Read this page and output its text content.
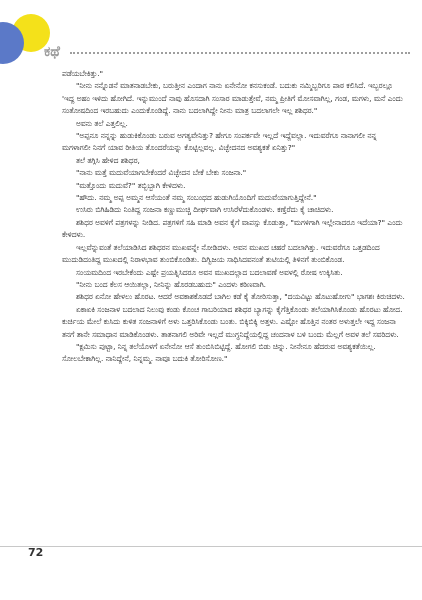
ಕಥೆ

ಪಡೆಯಬೇಕಿತ್ತು."

"ನೀನು ನನ್ನೊಡನೆ ಮಾತನಾಡಬೇಕು, ಬರುತ್ತೀನ ಎಂದಾಗ ನಾನು ಏನೇನೋ ಕನಸುಕಂಡೆ. ಬದುಕು ನಮ್ಮಿಬ್ಬರಿಗೂ ಪಾಠ ಕಲಿಸಿದೆ. ಇಬ್ಬರಲ್ಲೂ 'ಇದ್ದ ಅಹಂ ಇಳಿದು ಹೋಗಿದೆ. ಇನ್ನುಮುಂದೆ ನಾವು ಹೊಸದಾಗಿ ಸಂಸಾರ ಮಾಡುತ್ತೇವೆ, ನಮ್ಮ ಪ್ರೀತಿಗೆ ಮೋಸವಾಗಿಲ್ಲ, ಗಂಡ, ಮಗಳು, ಮನೆ ಎಂದು ಸಂತೋಷದಿಂದ ಇರಬಹುದು ಎಂದುಕೊಂಡಿದ್ದೆ. ನಾನು ಬದಲಾಗಿದ್ದೇ ನೀನು ಮಾತ್ರ ಬದಲಾಗಲೇ ಇಲ್ಲ ಶಶಿಧರ."

ಅವನು ತಲೆ ಎತ್ತಲಿಲ್ಲ.

"ಅಪ್ಪನೂ ನನ್ನನ್ನು ಹುಡುಕಿಕೊಂಡು ಬರುವ ಅಗತ್ಯವೇನಿತ್ತು? ಹೇಗೂ ಸಂಪರ್ಕವೇ ಇಲ್ಲದೆ ಇದ್ದೆವಲ್ಲಾ. ಇದುವರೆಗೂ ನಾನಾಗಲೀ ನನ್ನ ಮಗಳಾಗಲೀ ನಿನಗೆ ಯಾವ ರೀತಿಯ ತೊಂದರೆಯನ್ನು ಕೊಟ್ಟಿಲ್ಲವಲ್ಲ. ವಿಚ್ಛೇದನದ ಅವಶ್ಯಕತೆ ಏನಿತ್ತು?"

ತಲೆ ತಗ್ಗಿಸಿ ಹೇಳಿದ ಶಶಿಧರ,

"ನಾನು ಮತ್ತೆ ಮದುವೆಯಾಗಬೇಕೆಂದರೆ ವಿಚ್ಛೇದನ ಬೇಕೆ ಬೇಕು ಸಂಜನಾ."

"ಮತ್ತೊಂದು ಮದುವೆ?" ತಬ್ಬಿಬ್ಬಾಗಿ ಕೇಳಿದಳು.

"ಹೌದು. ನಮ್ಮ ಅಪ್ಪ ಅಮ್ಮನ ಆಸೆಯಂತೆ ನಮ್ಮ ಸಂಬಂಧದ ಹುಡುಗಿಯೊಂದಿಗೆ ಮದುವೆಯಾಗುತ್ತಿದ್ದೇನೆ."

ಉಸಿರು ಬಿಗಿಹಿಡಿದು ನಿಂತಿದ್ದ ಸಂಜನಾ ಕಣ್ಣುಮುಚ್ಚಿ ದೀರ್ಘವಾಗಿ ಉಸಿರೆಳೆದುಕೊಂಡಳು. ಕಣ್ತೆರೆದು ಕೈ ಚಾಚಿದಳು.

ಶಶಿಧರ ಅವಳಿಗೆ ಪತ್ರಗಳನ್ನು ನೀಡಿದ. ಪತ್ರಗಳಿಗೆ ಸಹಿ ಮಾಡಿ ಅವನ ಕೈಗೆ ವಾಪಸ್ಸು ಕೊಡುತ್ತಾ, "ಮಗಳಿಗಾಗಿ ಇಲ್ಲೇನಾದರೂ ಇದೆಯಾ?" ಎಂದು ಕೇಳಿದಳು.

ಇಲ್ಲವೆನ್ನುವಂತೆ ತಲೆಯಾಡಿಸಿದ ಶಶಿಧರನ ಮುಖವನ್ನೇ ನೋಡಿದಳು. ಅವನ ಮುಖದ ಚಹರೆ ಬದಲಾಗಿತ್ತು. ಇದುವರೆಗೂ ಒತ್ತಡದಿಂದ ಮುದುಡಿದಂತಿದ್ದ ಮುಖದಲ್ಲಿ ನಿರಾಳಭಾವ ತುಂಬಿಕೊಂಡಿತು. ದಿಗ್ವಿಜಯ ಸಾಧಿಸಿದವನಂತೆ ತುಟಿಯಲ್ಲಿ ತಿಳಿನಗೆ ತುಂಬಿಕೊಂಡ.

ಸಂಯಮದಿಂದ ಇರಬೇಕೆಂದು ಎಷ್ಟೇ ಪ್ರಯತ್ನಿಸಿದರೂ ಅವನ ಮುಖದಲ್ಲಾದ ಬದಲಾವಣೆ ಅವಳಲ್ಲಿ ರೋಷ ಉಕ್ಕಿಸಿತು.

"ನೀನು ಬಂದ ಕೆಲಸ ಆಯಿತಲ್ಲಾ, ನೀನಿನ್ನು ಹೊರಡಬಹುದು" ಎಂದಳು ಕಠಿಣವಾಗಿ.

ಶಶಿಧರ ಏನೋ ಹೇಳಲು ಹೊರಟ. ಆದರೆ ಅವಕಾಶಕೊಡದೆ ಬಾಗಿಲ ಕಡೆ ಕೈ ತೋರಿಸುತ್ತಾ, "ದಯವಿಟ್ಟು ಹೊಟುಹೋಗು" ಭಾಗಶಃ ಕಿರುಚಿದಳು.

ಏಕಾಏಕಿ ಸಂಜನಾಳ ಬದಲಾದ ನಿಲುವು ಕಂಡು ಕೊಂಚ ಗಾಬರಿಯಾದ ಶಶಿಧರ ಬ್ಯಾಗನ್ನು ಕೈಗೆತ್ತಿಕೊಂಡು ತಲೆಯಾಗಿಸಿಕೊಂಡು ಹೊರಟು ಹೋದ. ಕುರ್ಚಿಯ ಮೇಲೆ ಕುಸಿದು ಕುಳಿತ ಸಂಜನಾಳಿಗೆ ಅಳು ಒತ್ತರಿಸಿಕೊಂಡು ಬಂತು. ಬಿಕ್ಕಿಬಿಕ್ಕಿ ಅತ್ತಳು. ಎಷ್ಟೋ ಹೊತ್ತಿನ ನಂತರ ಅಳುತ್ತಲೇ ಇದ್ದ ಸಂಜನಾ ತನಗೆ ತಾನೇ ಸಮಾಧಾನ ಮಾಡಿಕೊಂಡಳು. ತಾತನಾಗಲಿ ಅರಿವೇ ಇಲ್ಲದೆ ಮುಗ್ಧನಿದ್ದೆಯಲ್ಲಿದ್ದ ಚಂದನಾಳ ಬಳಿ ಬಂದು ಮೆಲ್ಲಗೆ ಅವಳ ತಲೆ ಸವರಿದಳು.

"ಕ್ಷಮಿಸು ಪುಟ್ಟಾ, ನಿನ್ನ ತಲೆಯೊಳಗೆ ಏನೇನೋ ಆಸೆ ತುಂಬಿಸಿಬಿಟ್ಟಿದ್ದೆ. ಹೋಗಲಿ ಬಿಡು ಚಿನ್ನು. ನೀನೇನೂ ಹೆದರುವ ಅವಶ್ಯಕತೆಯಿಲ್ಲ. ಸೋಲಬೇಕಾಗಿಲ್ಲ. ನಾನಿದ್ದೇನೆ, ನಿನ್ನಮ್ಮ. ನಾವೂ ಬದುಕಿ ತೋರಿಸೋಣ."

72
